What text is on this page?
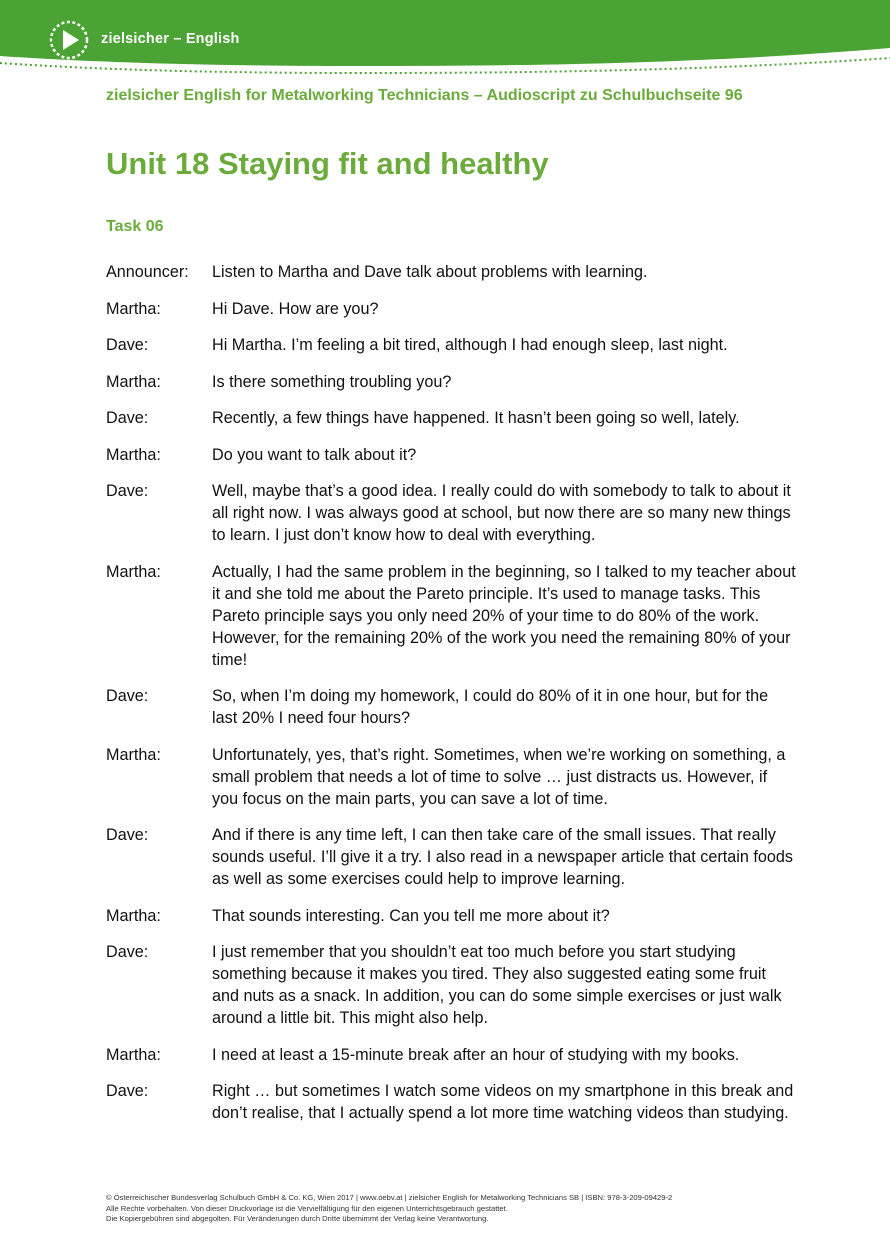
zielsicher – English
zielsicher English for Metalworking Technicians – Audioscript zu Schulbuchseite 96
Unit 18 Staying fit and healthy
Task 06
Announcer:	Listen to Martha and Dave talk about problems with learning.
Martha:	Hi Dave. How are you?
Dave:	Hi Martha. I’m feeling a bit tired, although I had enough sleep, last night.
Martha:	Is there something troubling you?
Dave:	Recently, a few things have happened. It hasn’t been going so well, lately.
Martha:	Do you want to talk about it?
Dave:	Well, maybe that’s a good idea. I really could do with somebody to talk to about it all right now. I was always good at school, but now there are so many new things to learn. I just don’t know how to deal with everything.
Martha:	Actually, I had the same problem in the beginning, so I talked to my teacher about it and she told me about the Pareto principle. It’s used to manage tasks. This Pareto principle says you only need 20% of your time to do 80% of the work. However, for the remaining 20% of the work you need the remaining 80% of your time!
Dave:	So, when I’m doing my homework, I could do 80% of it in one hour, but for the last 20% I need four hours?
Martha:	Unfortunately, yes, that’s right. Sometimes, when we’re working on something, a small problem that needs a lot of time to solve … just distracts us. However, if you focus on the main parts, you can save a lot of time.
Dave:	And if there is any time left, I can then take care of the small issues. That really sounds useful. I’ll give it a try. I also read in a newspaper article that certain foods as well as some exercises could help to improve learning.
Martha:	That sounds interesting. Can you tell me more about it?
Dave:	I just remember that you shouldn’t eat too much before you start studying something because it makes you tired. They also suggested eating some fruit and nuts as a snack. In addition, you can do some simple exercises or just walk around a little bit. This might also help.
Martha:	I need at least a 15-minute break after an hour of studying with my books.
Dave:	Right … but sometimes I watch some videos on my smartphone in this break and don’t realise, that I actually spend a lot more time watching videos than studying.
© Österreichischer Bundesverlag Schulbuch GmbH & Co. KG, Wien 2017 | www.oebv.at | zielsicher English for Metalworking Technicians SB | ISBN: 978-3-209-09429-2
Alle Rechte vorbehalten. Von dieser Druckvorlage ist die Vervielfältigung für den eigenen Unterrichtsgebrauch gestattet.
Die Kopiergebühren sind abgegolten. Für Veränderungen durch Dritte übernimmt der Verlag keine Verantwortung.
